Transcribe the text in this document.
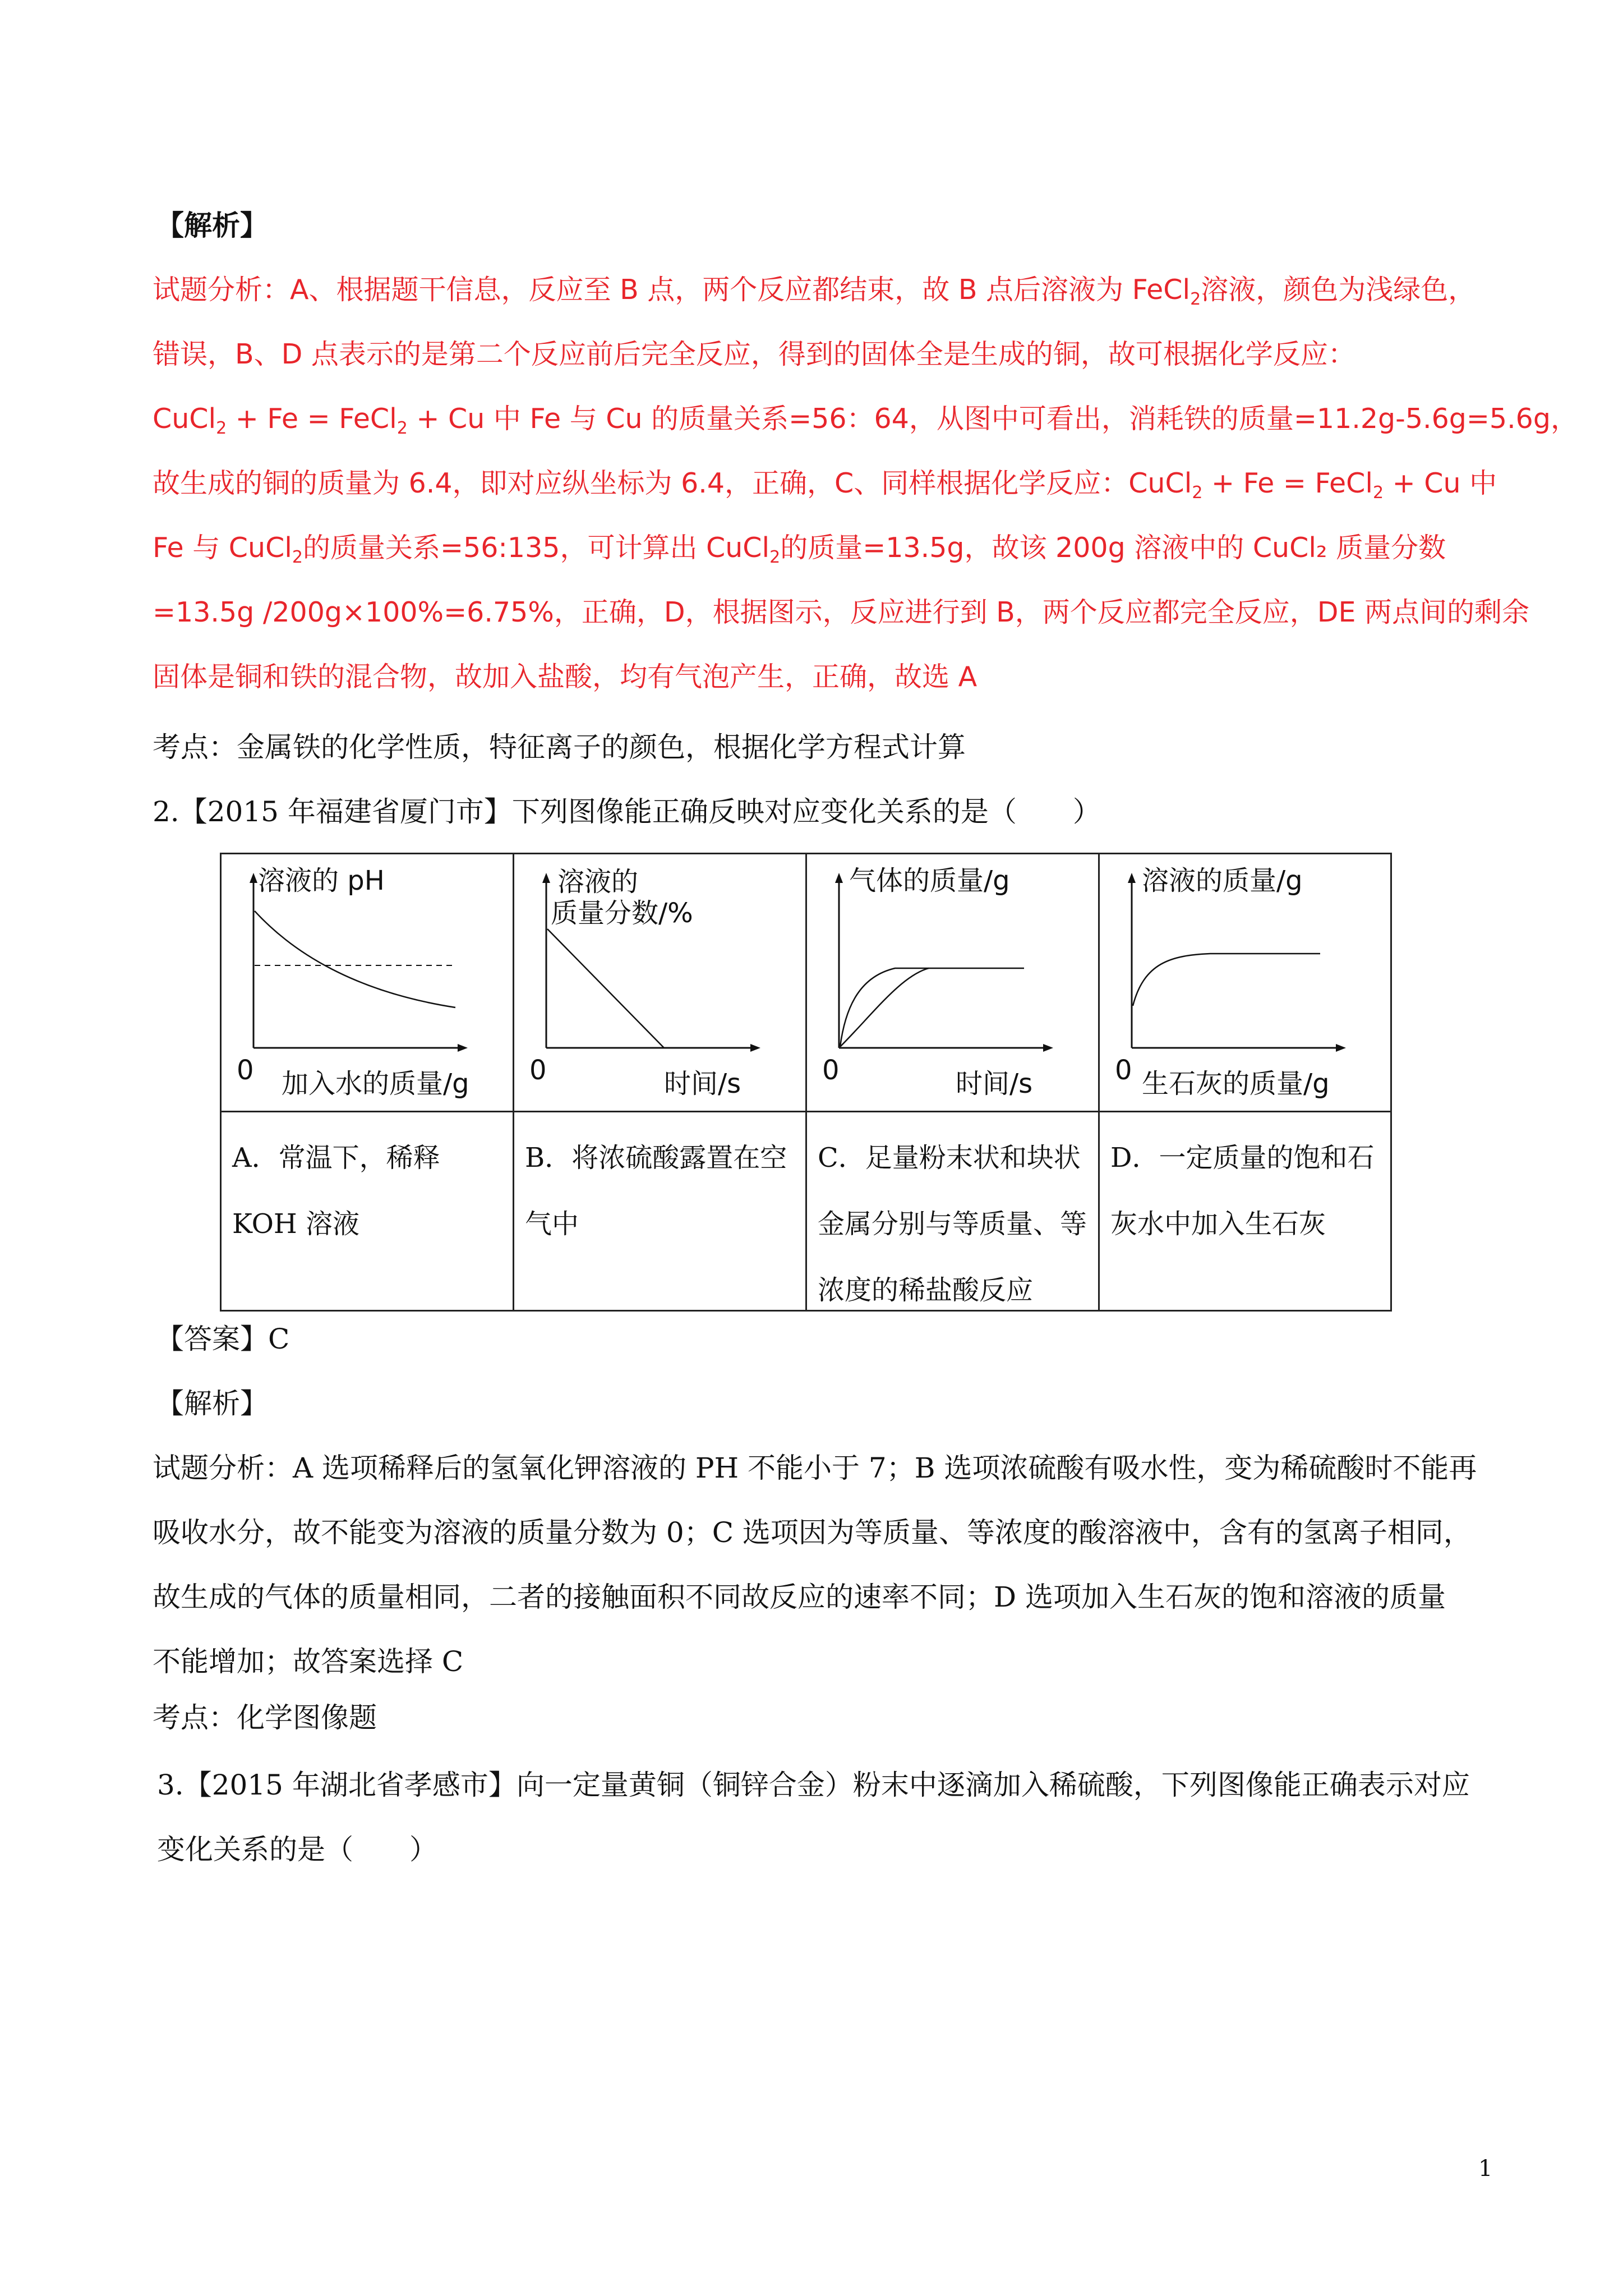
【解析】
试题分析：A、根据题干信息，反应至 B 点，两个反应都结束，故 B 点后溶液为 FeCl$_2$溶液，颜色为浅绿色，
错误，B、D 点表示的是第二个反应前后完全反应，得到的固体全是生成的铜，故可根据化学反应：
CuCl$_2$ + Fe = FeCl$_2$ + Cu 中 Fe 与 Cu 的质量关系=56：64，从图中可看出，消耗铁的质量=11.2g-5.6g=5.6g，
故生成的铜的质量为 6.4，即对应纵坐标为 6.4，正确，C、同样根据化学反应：CuCl$_2$ + Fe = FeCl$_2$ + Cu 中
Fe 与 CuCl$_2$的质量关系=56:135，可计算出 CuCl$_2$的质量=13.5g，故该 200g 溶液中的 CuCl₂ 质量分数
=13.5g /200g×100%=6.75%，正确，D，根据图示，反应进行到 B，两个反应都完全反应，DE 两点间的剩余
固体是铜和铁的混合物，故加入盐酸，均有气泡产生，正确，故选 A
考点：金属铁的化学性质，特征离子的颜色，根据化学方程式计算
2.【2015 年福建省厦门市】下列图像能正确反映对应变化关系的是（　　）
溶液的 pH
0 加入水的质量/g
溶液的
质量分数/%
0	时间/s
气体的质量/g
0	时间/s
溶液的质量/g
0 生石灰的质量/g
A．常温下，稀释 KOH 溶液
B．将浓硫酸露置在空气中
C．足量粉末状和块状金属分别与等质量、等浓度的稀盐酸反应
D．一定质量的饱和石灰水中加入生石灰
【答案】C
【解析】
试题分析：A 选项稀释后的氢氧化钾溶液的 PH 不能小于 7；B 选项浓硫酸有吸水性，变为稀硫酸时不能再
吸收水分，故不能变为溶液的质量分数为 0；C 选项因为等质量、等浓度的酸溶液中，含有的氢离子相同，
故生成的气体的质量相同，二者的接触面积不同故反应的速率不同；D 选项加入生石灰的饱和溶液的质量
不能增加；故答案选择 C
考点：化学图像题
3.【2015 年湖北省孝感市】向一定量黄铜（铜锌合金）粉末中逐滴加入稀硫酸，下列图像能正确表示对应
变化关系的是（　　）
1
